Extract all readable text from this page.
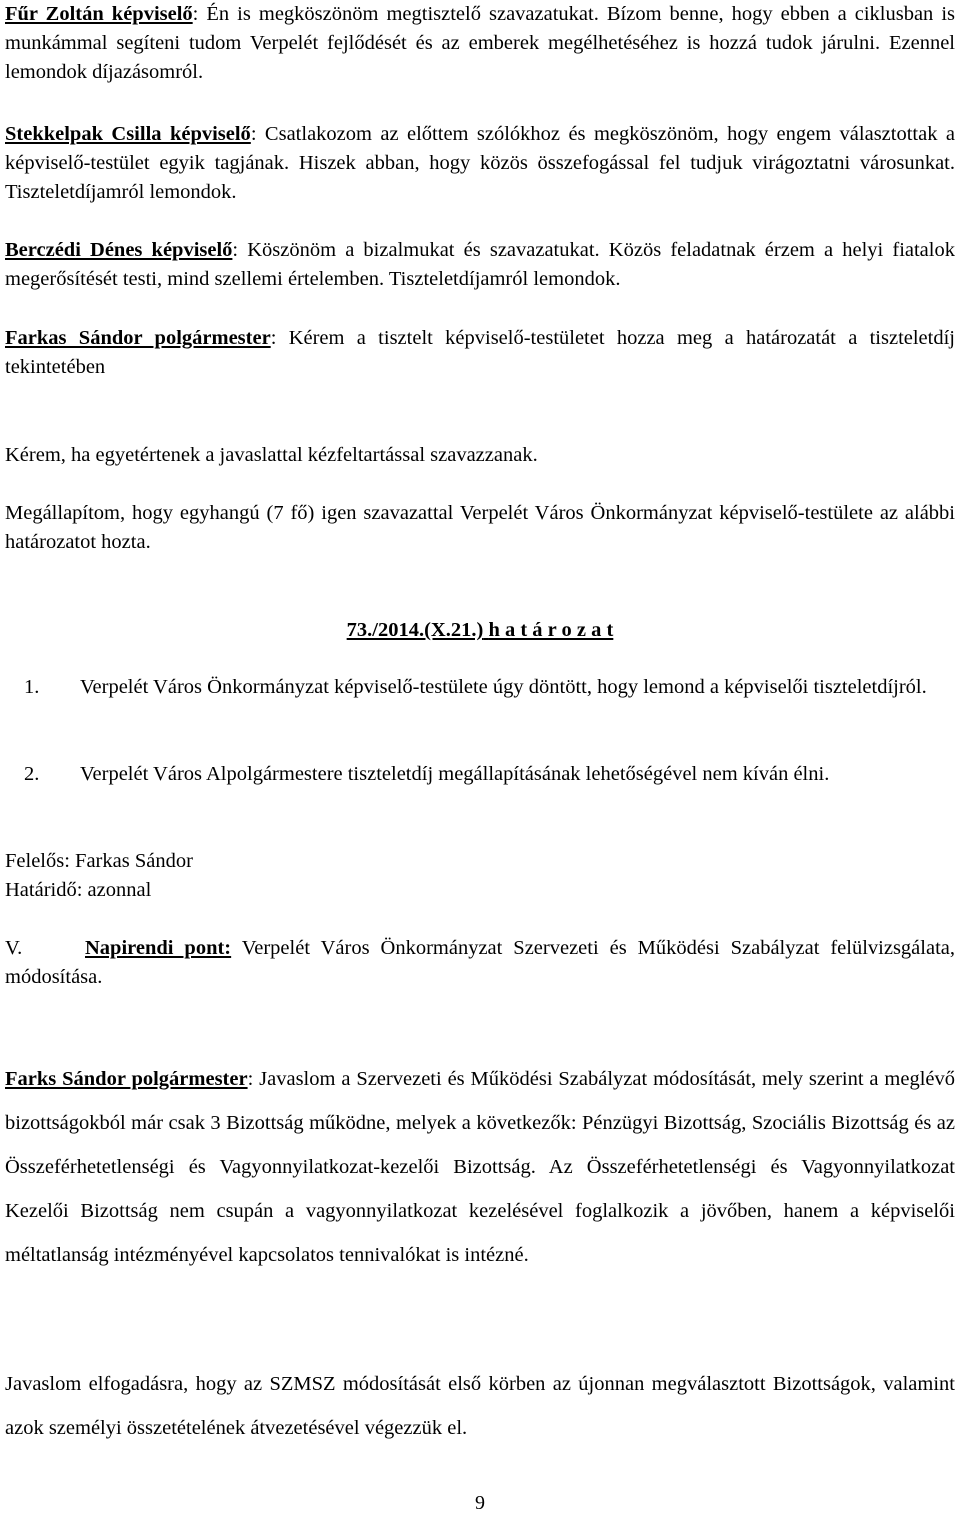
Fűr Zoltán képviselő: Én is megköszönöm megtisztelő szavazatukat. Bízom benne, hogy ebben a ciklusban is munkámmal segíteni tudom Verpelét fejlődését és az emberek megélhetéséhez is hozzá tudok járulni. Ezennel lemondok díjazásomról.

Stekkelpak Csilla képviselő: Csatlakozom az előttem szólókhoz és megköszönöm, hogy engem választottak a képviselő-testület egyik tagjának. Hiszek abban, hogy közös összefogással fel tudjuk virágoztatni városunkat. Tiszteletdíjamról lemondok.

Berczédi Dénes képviselő: Köszönöm a bizalmukat és szavazatukat. Közös feladatnak érzem a helyi fiatalok megerősítését testi, mind szellemi értelemben. Tiszteletdíjamról lemondok.

Farkas Sándor polgármester: Kérem a tisztelt képviselő-testületet hozza meg a határozatát a tiszteletdíj tekintetében

Kérem, ha egyetértenek a javaslattal kézfeltartással szavazzanak.

Megállapítom, hogy egyhangú (7 fő) igen szavazattal Verpelét Város Önkormányzat képviselő-testülete az alábbi határozatot hozta.

73./2014.(X.21.) h a t á r o z a t

1. Verpelét Város Önkormányzat képviselő-testülete úgy döntött, hogy lemond a képviselői tiszteletdíjról.

2. Verpelét Város Alpolgármestere tiszteletdíj megállapításának lehetőségével nem kíván élni.

Felelős: Farkas Sándor

Határidő: azonnal

V.	Napirendi pont: Verpelét Város Önkormányzat Szervezeti és Működési Szabályzat felülvizsgálata, módosítása.

Farks Sándor polgármester: Javaslom a Szervezeti és Működési Szabályzat módosítását, mely szerint a meglévő bizottságokból már csak 3 Bizottság működne, melyek a következők: Pénzügyi Bizottság, Szociális Bizottság és az Összeférhetetlenségi és Vagyonnyilatkozat-kezelői Bizottság. Az Összeférhetetlenségi és Vagyonnyilatkozat Kezelői Bizottság nem csupán a vagyonnyilatkozat kezelésével foglalkozik a jövőben, hanem a képviselői méltatlanság intézményével kapcsolatos tennivalókat is intézné.

Javaslom elfogadásra, hogy az SZMSZ módosítását első körben az újonnan megválasztott Bizottságok, valamint azok személyi összetételének átvezetésével végezzük el.

9
